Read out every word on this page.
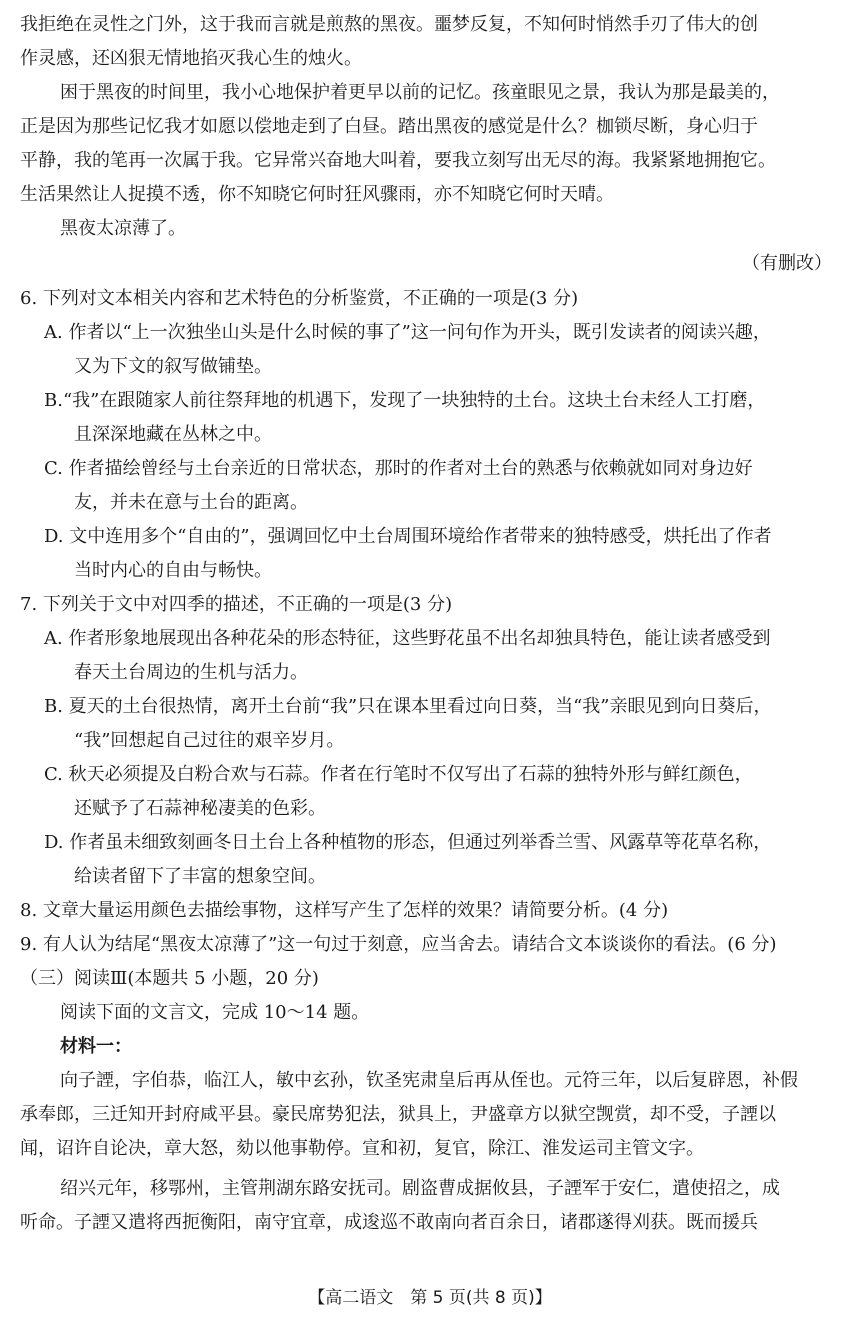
我拒绝在灵性之门外，这于我而言就是煎熬的黑夜。噩梦反复，不知何时悄然手刃了伟大的创

作灵感，还凶狠无情地掐灭我心生的烛火。

困于黑夜的时间里，我小心地保护着更早以前的记忆。孩童眼见之景，我认为那是最美的，

正是因为那些记忆我才如愿以偿地走到了白昼。踏出黑夜的感觉是什么？枷锁尽断，身心归于

平静，我的笔再一次属于我。它异常兴奋地大叫着，要我立刻写出无尽的海。我紧紧地拥抱它。

生活果然让人捉摸不透，你不知晓它何时狂风骤雨，亦不知晓它何时天晴。

黑夜太凉薄了。

（有删改）

6. 下列对文本相关内容和艺术特色的分析鉴赏，不正确的一项是(3 分)

A. 作者以“上一次独坐山头是什么时候的事了”这一问句作为开头，既引发读者的阅读兴趣，

又为下文的叙写做铺垫。

B.“我”在跟随家人前往祭拜地的机遇下，发现了一块独特的土台。这块土台未经人工打磨，

且深深地藏在丛林之中。

C. 作者描绘曾经与土台亲近的日常状态，那时的作者对土台的熟悉与依赖就如同对身边好

友，并未在意与土台的距离。

D. 文中连用多个“自由的”，强调回忆中土台周围环境给作者带来的独特感受，烘托出了作者

当时内心的自由与畅快。

7. 下列关于文中对四季的描述，不正确的一项是(3 分)

A. 作者形象地展现出各种花朵的形态特征，这些野花虽不出名却独具特色，能让读者感受到

春天土台周边的生机与活力。

B. 夏天的土台很热情，离开土台前“我”只在课本里看过向日葵，当“我”亲眼见到向日葵后，

“我”回想起自己过往的艰辛岁月。

C. 秋天必须提及白粉合欢与石蒜。作者在行笔时不仅写出了石蒜的独特外形与鲜红颜色，

还赋予了石蒜神秘凄美的色彩。

D. 作者虽未细致刻画冬日土台上各种植物的形态，但通过列举香兰雪、风露草等花草名称，

给读者留下了丰富的想象空间。

8. 文章大量运用颜色去描绘事物，这样写产生了怎样的效果？请简要分析。(4 分)

9. 有人认为结尾“黑夜太凉薄了”这一句过于刻意，应当舍去。请结合文本谈谈你的看法。(6 分)

（三）阅读Ⅲ(本题共 5 小题，20 分)

阅读下面的文言文，完成 10～14 题。

材料一：

向子諲，字伯恭，临江人，敏中玄孙，钦圣宪肃皇后再从侄也。元符三年，以后复辟恩，补假

承奉郎，三迁知开封府咸平县。豪民席势犯法，狱具上，尹盛章方以狱空觊赏，却不受，子諲以

闻，诏许自论决，章大怒，劾以他事勒停。宣和初，复官，除江、淮发运司主管文字。

绍兴元年，移鄂州，主管荆湖东路安抚司。剧盗曹成据攸县，子諲军于安仁，遣使招之，成

听命。子諲又遣将西扼衡阳，南守宜章，成逡巡不敢南向者百余日，诸郡遂得刈获。既而援兵

【高二语文　第 5 页(共 8 页)】
